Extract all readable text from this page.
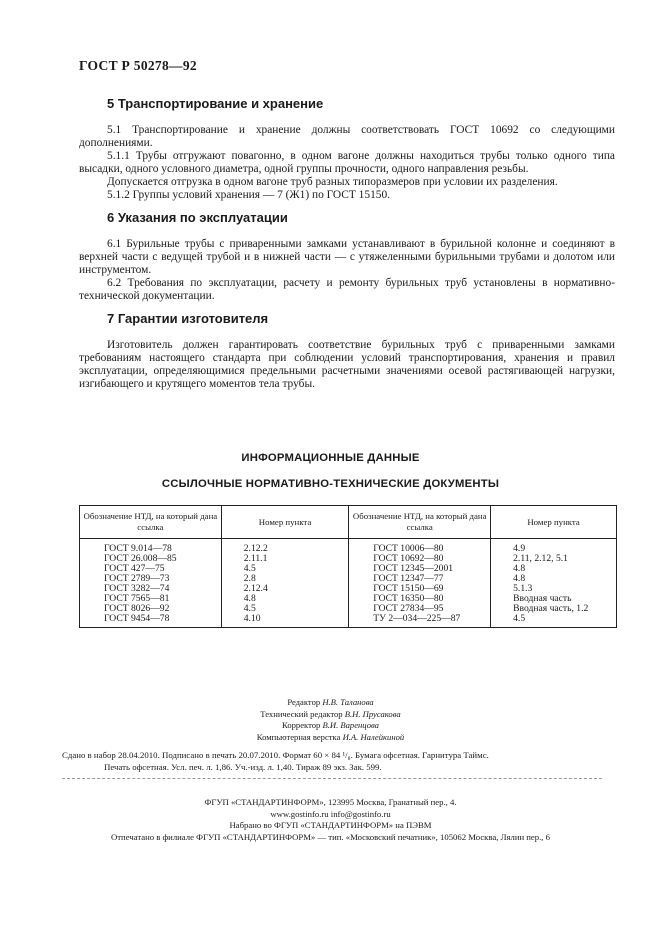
ГОСТ Р 50278—92
5 Транспортирование и хранение

5.1 Транспортирование и хранение должны соответствовать ГОСТ 10692 со следующими дополнениями.

5.1.1 Трубы отгружают повагонно, в одном вагоне должны находиться трубы только одного типа высадки, одного условного диаметра, одной группы прочности, одного направления резьбы.

Допускается отгрузка в одном вагоне труб разных типоразмеров при условии их разделения.

5.1.2 Группы условий хранения — 7 (Ж1) по ГОСТ 15150.

6 Указания по эксплуатации

6.1 Бурильные трубы с приваренными замками устанавливают в бурильной колонне и соединяют в верхней части с ведущей трубой и в нижней части — с утяжеленными бурильными трубами и долотом или инструментом.

6.2 Требования по эксплуатации, расчету и ремонту бурильных труб установлены в нормативно-технической документации.

7 Гарантии изготовителя

Изготовитель должен гарантировать соответствие бурильных труб с приваренными замками требованиям настоящего стандарта при соблюдении условий транспортирования, хранения и правил эксплуатации, определяющимися предельными расчетными значениями осевой растягивающей нагрузки, изгибающего и крутящего моментов тела трубы.

ИНФОРМАЦИОННЫЕ ДАННЫЕ
ССЫЛОЧНЫЕ НОРМАТИВНО-ТЕХНИЧЕСКИЕ ДОКУМЕНТЫ
Обозначение НТД, на который дана ссылка	Номер пункта	Обозначение НТД, на который дана ссылка	Номер пункта
ГОСТ 9.014—78	2.12.2	ГОСТ 10006—80	4.9
ГОСТ 26.008—85	2.11.1	ГОСТ 10692—80	2.11, 2.12, 5.1
ГОСТ 427—75	4.5	ГОСТ 12345—2001	4.8
ГОСТ 2789—73	2.8	ГОСТ 12347—77	4.8
ГОСТ 3282—74	2.12.4	ГОСТ 15150—69	5.1.3
ГОСТ 7565—81	4.8	ГОСТ 16350—80	Вводная часть
ГОСТ 8026—92	4.5	ГОСТ 27834—95	Вводная часть, 1.2
ГОСТ 9454—78	4.10	ТУ 2—034—225—87	4.5
Редактор Н.В. Таланова
Технический редактор В.Н. Прусакова
Корректор В.И. Варенцова
Компьютерная верстка И.А. Налейкиной
Сдано в набор 28.04.2010. Подписано в печать 20.07.2010. Формат 60 × 84 ¹/₈. Бумага офсетная. Гарнитура Таймс.
Печать офсетная. Усл. печ. л. 1,86. Уч.-изд. л. 1,40. Тираж 89 экз. Зак. 599.
ФГУП «СТАНДАРТИНФОРМ», 123995 Москва, Гранатный пер., 4.
www.gostinfo.ru info@gostinfo.ru
Набрано во ФГУП «СТАНДАРТИНФОРМ» на ПЭВМ
Отпечатано в филиале ФГУП «СТАНДАРТИНФОРМ» — тип. «Московский печатник», 105062 Москва, Лялин пер., 6
